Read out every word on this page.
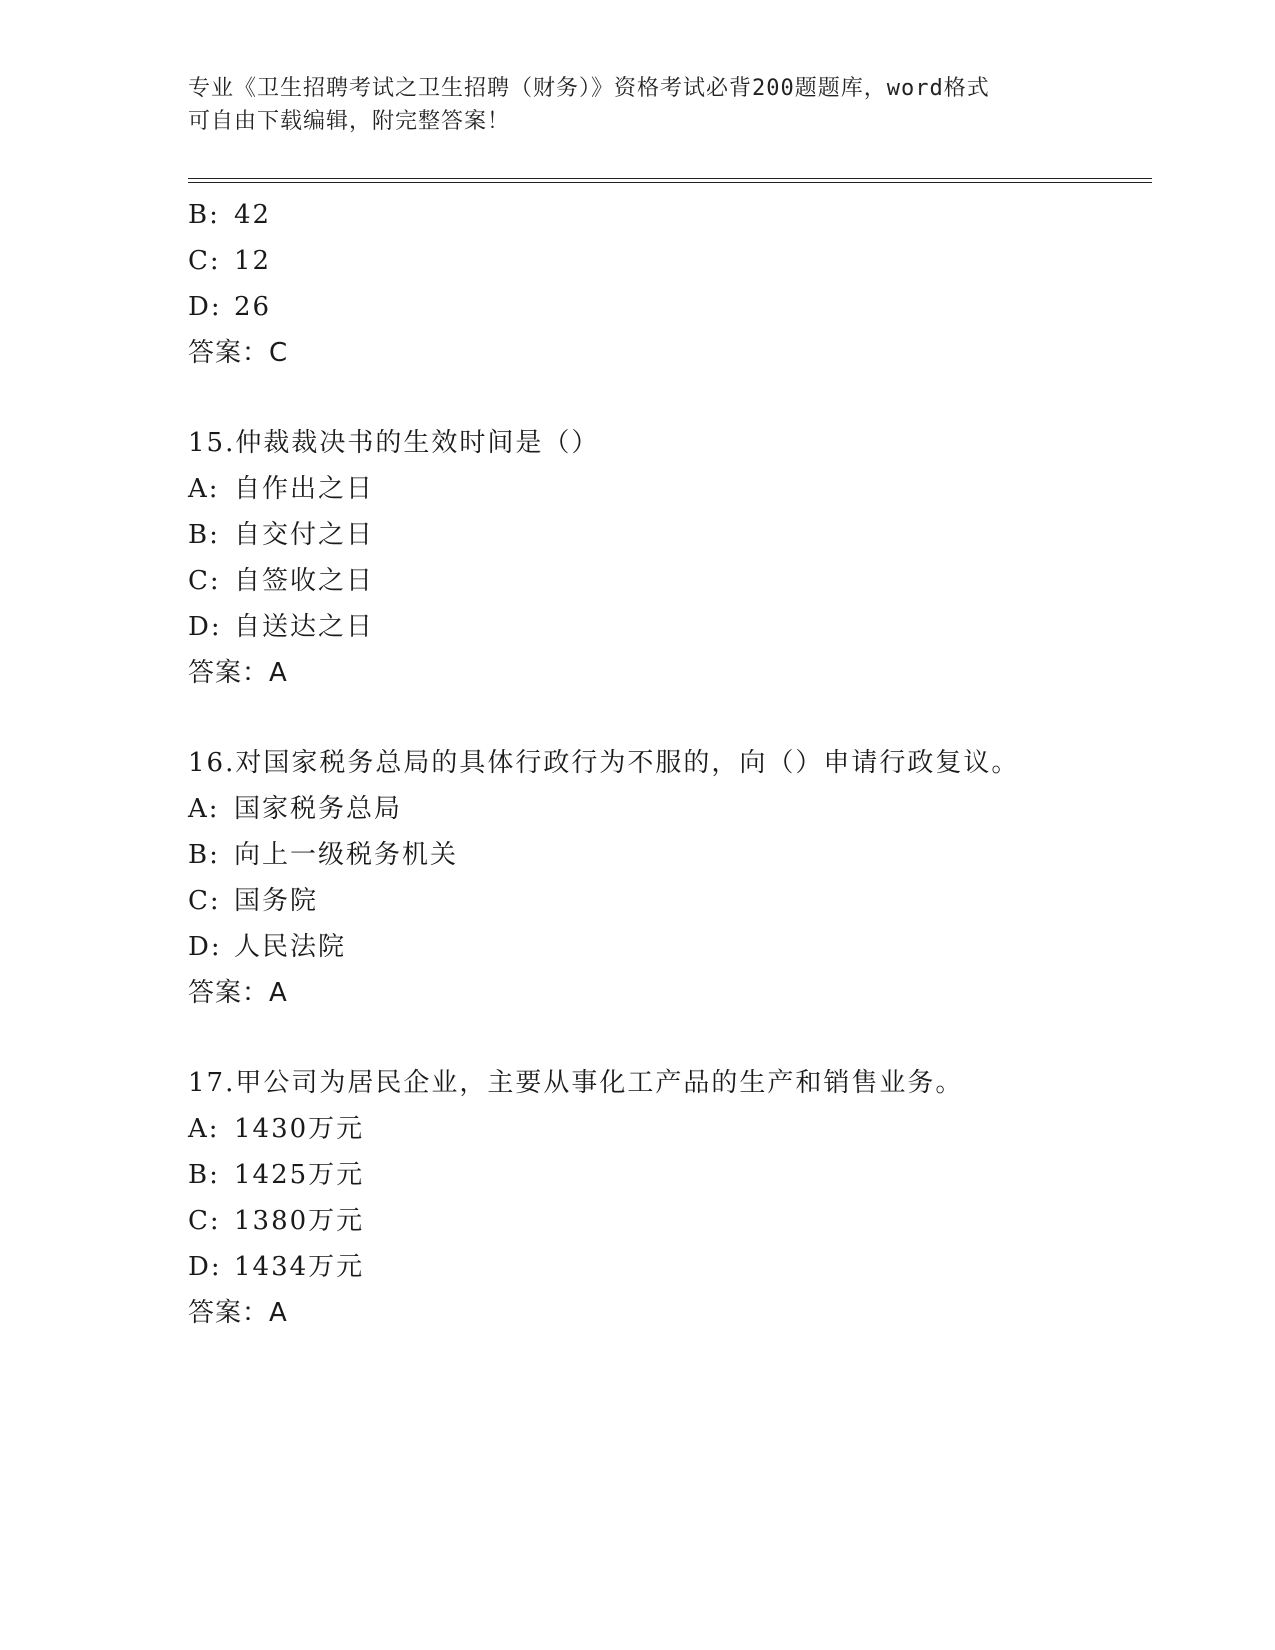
专业《卫生招聘考试之卫生招聘（财务）》资格考试必背200题题库，word格式
可自由下载编辑，附完整答案！
B: 42
C: 12
D: 26
答案：C
15.仲裁裁决书的生效时间是（）
A: 自作出之日
B: 自交付之日
C: 自签收之日
D: 自送达之日
答案：A
16.对国家税务总局的具体行政行为不服的，向（）申请行政复议。
A: 国家税务总局
B: 向上一级税务机关
C: 国务院
D: 人民法院
答案：A
17.甲公司为居民企业，主要从事化工产品的生产和销售业务。
A: 1430万元
B: 1425万元
C: 1380万元
D: 1434万元
答案：A
